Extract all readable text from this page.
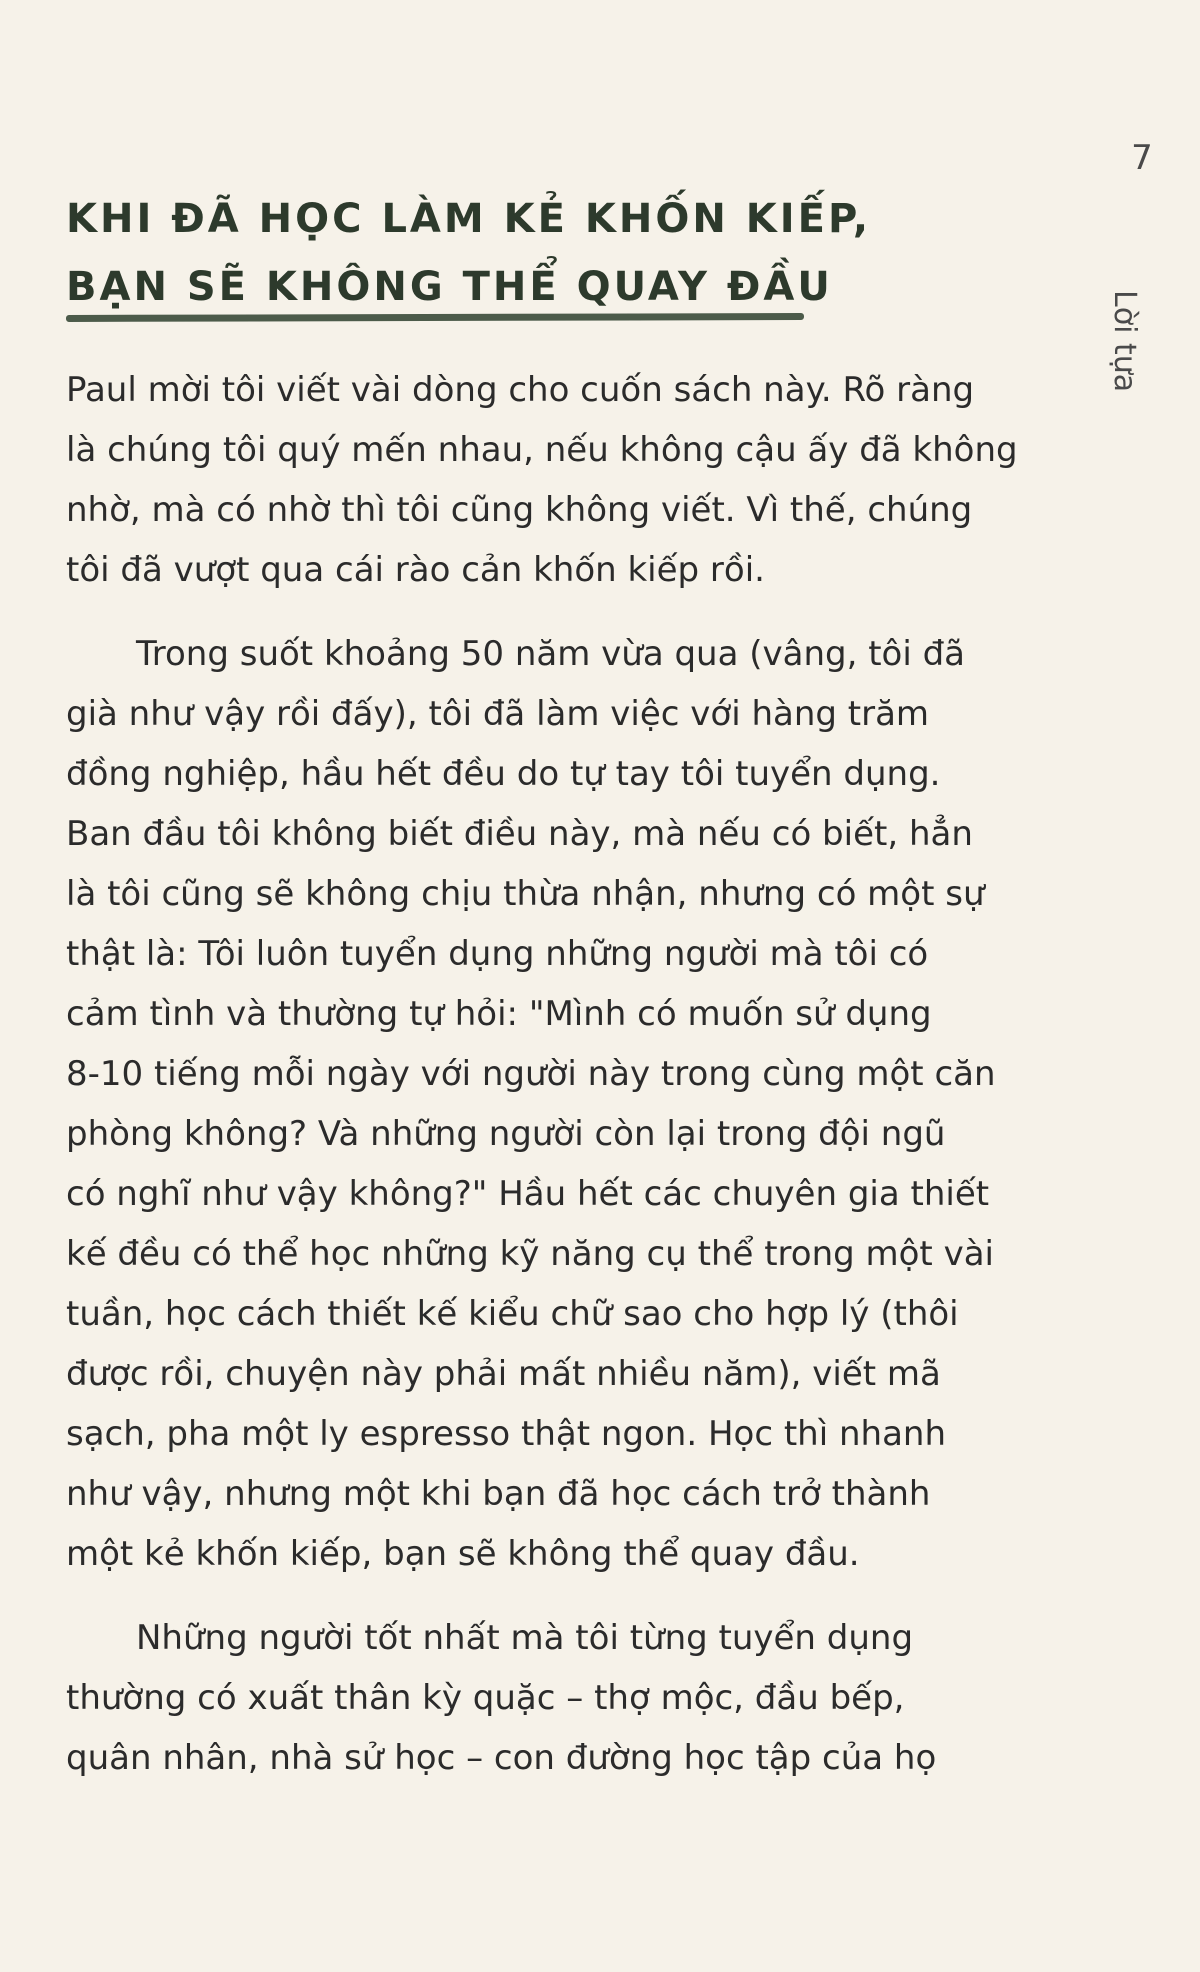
7
Lời tựa
KHI ĐÃ HỌC LÀM KẺ KHỐN KIẾP,
BẠN SẼ KHÔNG THỂ QUAY ĐẦU
Paul mời tôi viết vài dòng cho cuốn sách này. Rõ ràng
là chúng tôi quý mến nhau, nếu không cậu ấy đã không
nhờ, mà có nhờ thì tôi cũng không viết. Vì thế, chúng
tôi đã vượt qua cái rào cản khốn kiếp rồi.
Trong suốt khoảng 50 năm vừa qua (vâng, tôi đã
già như vậy rồi đấy), tôi đã làm việc với hàng trăm
đồng nghiệp, hầu hết đều do tự tay tôi tuyển dụng.
Ban đầu tôi không biết điều này, mà nếu có biết, hẳn
là tôi cũng sẽ không chịu thừa nhận, nhưng có một sự
thật là: Tôi luôn tuyển dụng những người mà tôi có
cảm tình và thường tự hỏi: "Mình có muốn sử dụng
8-10 tiếng mỗi ngày với người này trong cùng một căn
phòng không? Và những người còn lại trong đội ngũ
có nghĩ như vậy không?" Hầu hết các chuyên gia thiết
kế đều có thể học những kỹ năng cụ thể trong một vài
tuần, học cách thiết kế kiểu chữ sao cho hợp lý (thôi
được rồi, chuyện này phải mất nhiều năm), viết mã
sạch, pha một ly espresso thật ngon. Học thì nhanh
như vậy, nhưng một khi bạn đã học cách trở thành
một kẻ khốn kiếp, bạn sẽ không thể quay đầu.
Những người tốt nhất mà tôi từng tuyển dụng
thường có xuất thân kỳ quặc – thợ mộc, đầu bếp,
quân nhân, nhà sử học – con đường học tập của họ
